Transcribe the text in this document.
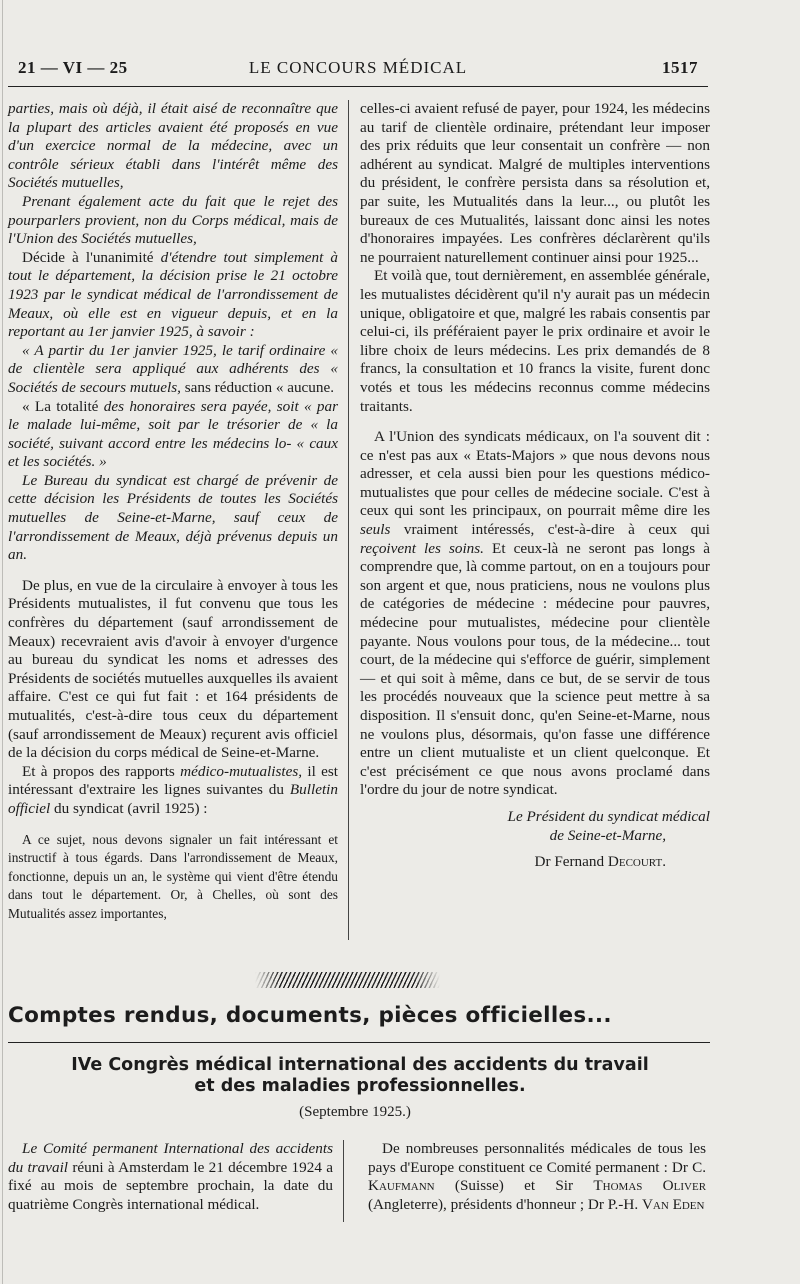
21 — VI — 25	LE CONCOURS MÉDICAL	1517

parties, mais où déjà, il était aisé de reconnaître que la plupart des articles avaient été proposés en vue d'un exercice normal de la médecine, avec un contrôle sérieux établi dans l'intérêt même des Sociétés mutuelles,

Prenant également acte du fait que le rejet des pourparlers provient, non du Corps médical, mais de l'Union des Sociétés mutuelles,

Décide à l'unanimité d'étendre tout simplement à tout le département, la décision prise le 21 octobre 1923 par le syndicat médical de l'arrondissement de Meaux, où elle est en vigueur depuis, et en la reportant au 1er janvier 1925, à savoir :

« A partir du 1er janvier 1925, le tarif ordinaire « de clientèle sera appliqué aux adhérents des « Sociétés de secours mutuels, sans réduction « aucune.

« La totalité des honoraires sera payée, soit « par le malade lui-même, soit par le trésorier de « la société, suivant accord entre les médecins lo- « caux et les sociétés. »

Le Bureau du syndicat est chargé de prévenir de cette décision les Présidents de toutes les Sociétés mutuelles de Seine-et-Marne, sauf ceux de l'arrondissement de Meaux, déjà prévenus depuis un an.

De plus, en vue de la circulaire à envoyer à tous les Présidents mutualistes, il fut convenu que tous les confrères du département (sauf arrondissement de Meaux) recevraient avis d'avoir à envoyer d'urgence au bureau du syndicat les noms et adresses des Présidents de sociétés mutuelles auxquelles ils avaient affaire. C'est ce qui fut fait : et 164 présidents de mutualités, c'est-à-dire tous ceux du département (sauf arrondissement de Meaux) reçurent avis officiel de la décision du corps médical de Seine-et-Marne.

Et à propos des rapports médico-mutualistes, il est intéressant d'extraire les lignes suivantes du Bulletin officiel du syndicat (avril 1925) :

A ce sujet, nous devons signaler un fait intéressant et instructif à tous égards. Dans l'arrondissement de Meaux, fonctionne, depuis un an, le système qui vient d'être étendu dans tout le département. Or, à Chelles, où sont des Mutualités assez importantes,

celles-ci avaient refusé de payer, pour 1924, les médecins au tarif de clientèle ordinaire, prétendant leur imposer des prix réduits que leur consentait un confrère — non adhérent au syndicat. Malgré de multiples interventions du président, le confrère persista dans sa résolution et, par suite, les Mutualités dans la leur..., ou plutôt les bureaux de ces Mutualités, laissant donc ainsi les notes d'honoraires impayées. Les confrères déclarèrent qu'ils ne pourraient naturellement continuer ainsi pour 1925...

Et voilà que, tout dernièrement, en assemblée générale, les mutualistes décidèrent qu'il n'y aurait pas un médecin unique, obligatoire et que, malgré les rabais consentis par celui-ci, ils préféraient payer le prix ordinaire et avoir le libre choix de leurs médecins. Les prix demandés de 8 francs, la consultation et 10 francs la visite, furent donc votés et tous les médecins reconnus comme médecins traitants.

A l'Union des syndicats médicaux, on l'a souvent dit : ce n'est pas aux « Etats-Majors » que nous devons nous adresser, et cela aussi bien pour les questions médico-mutualistes que pour celles de médecine sociale. C'est à ceux qui sont les principaux, on pourrait même dire les seuls vraiment intéressés, c'est-à-dire à ceux qui reçoivent les soins. Et ceux-là ne seront pas longs à comprendre que, là comme partout, on en a toujours pour son argent et que, nous praticiens, nous ne voulons plus de catégories de médecine : médecine pour pauvres, médecine pour mutualistes, médecine pour clientèle payante. Nous voulons pour tous, de la médecine... tout court, de la médecine qui s'efforce de guérir, simplement — et qui soit à même, dans ce but, de se servir de tous les procédés nouveaux que la science peut mettre à sa disposition. Il s'ensuit donc, qu'en Seine-et-Marne, nous ne voulons plus, désormais, qu'on fasse une différence entre un client mutualiste et un client quelconque. Et c'est précisément ce que nous avons proclamé dans l'ordre du jour de notre syndicat.

Le Président du syndicat médical

de Seine-et-Marne,

Dr Fernand Decourt.

Comptes rendus, documents, pièces officielles...
IVe Congrès médical international des accidents du travail
et des maladies professionnelles.
(Septembre 1925.)

Le Comité permanent International des accidents du travail réuni à Amsterdam le 21 décembre 1924 a fixé au mois de septembre prochain, la date du quatrième Congrès international médical.

De nombreuses personnalités médicales de tous les pays d'Europe constituent ce Comité permanent : Dr C. Kaufmann (Suisse) et Sir Thomas Oliver (Angleterre), présidents d'honneur ; Dr P.-H. Van Eden
